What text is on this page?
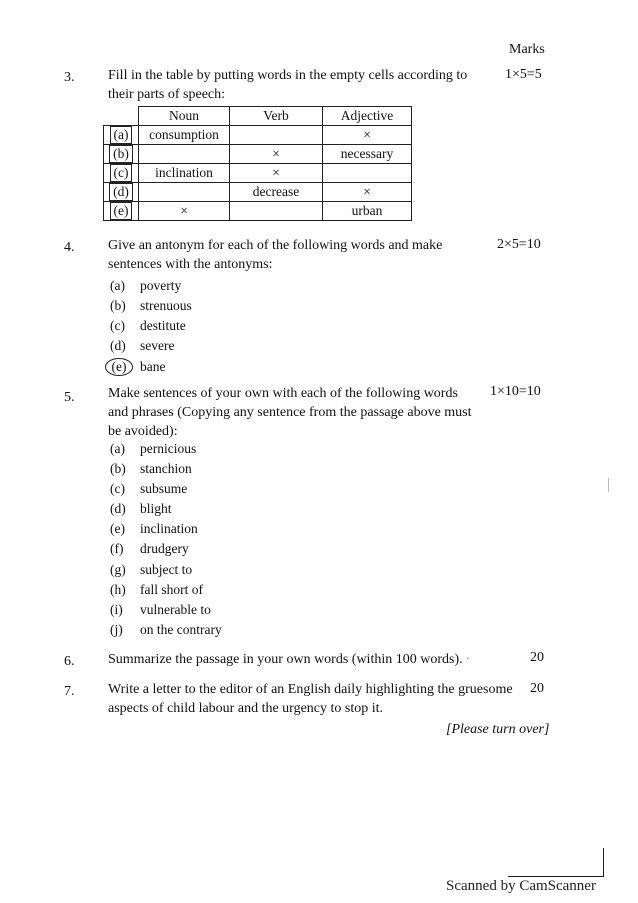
Marks
3.	Fill in the table by putting words in the empty cells according to their parts of speech:
1×5=5
	Noun	Verb	Adjective
(a)	consumption		×
(b)		×	necessary
(c)	inclination	×	
(d)		decrease	×
(e)	×		urban
4.	Give an antonym for each of the following words and make sentences with the antonyms:
2×5=10
(a) poverty
(b) strenuous
(c) destitute
(d) severe
(e) bane
5.	Make sentences of your own with each of the following words and phrases (Copying any sentence from the passage above must be avoided):
1×10=10
(a) pernicious
(b) stanchion
(c) subsume
(d) blight
(e) inclination
(f) drudgery
(g) subject to
(h) fall short of
(i) vulnerable to
(j) on the contrary
6.	Summarize the passage in your own words (within 100 words). ·	20
7.	Write a letter to the editor of an English daily highlighting the gruesome aspects of child labour and the urgency to stop it.
20
[Please turn over]
Scanned by CamScanner
